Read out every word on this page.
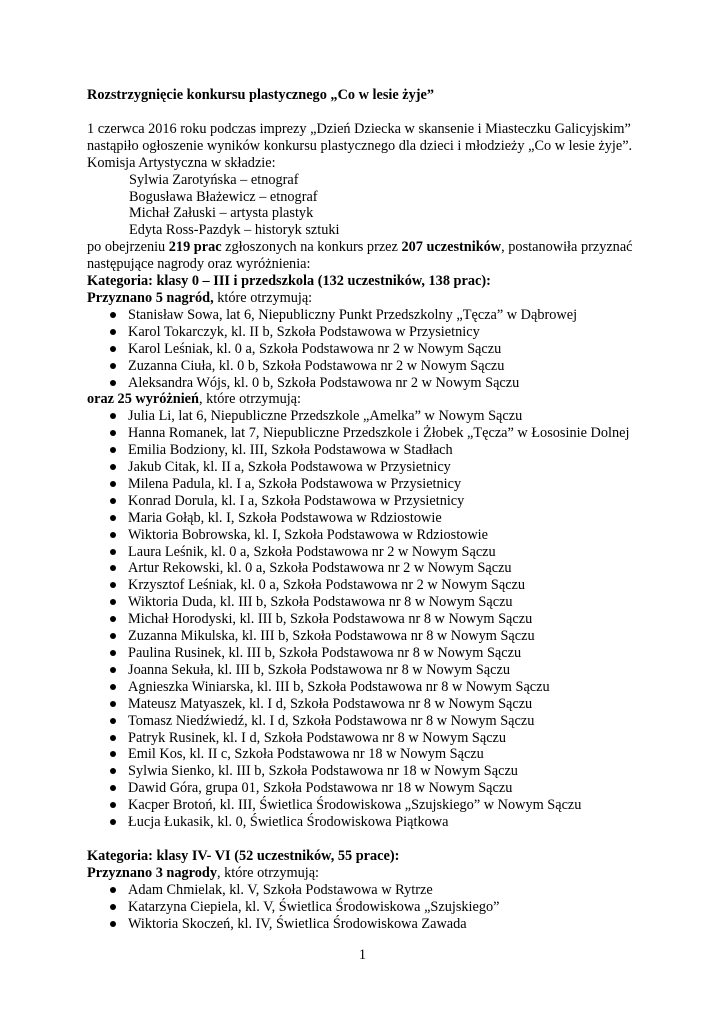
Rozstrzygnięcie konkursu plastycznego „Co w lesie żyje”

1 czerwca 2016 roku podczas imprezy „Dzień Dziecka w skansenie i Miasteczku Galicyjskim”

nastąpiło ogłoszenie wyników konkursu plastycznego dla dzieci i młodzieży „Co w lesie żyje”.

Komisja Artystyczna w składzie:

Sylwia Zarotyńska – etnograf

Bogusława Błażewicz – etnograf

Michał Załuski – artysta plastyk

Edyta Ross-Pazdyk – historyk sztuki

po obejrzeniu 219 prac zgłoszonych na konkurs przez 207 uczestników, postanowiła przyznać

następujące nagrody oraz wyróżnienia:

Kategoria: klasy 0 – III i przedszkola (132 uczestników, 138 prac):

Przyznano 5 nagród, które otrzymują:

Stanisław Sowa, lat 6, Niepubliczny Punkt Przedszkolny „Tęcza” w Dąbrowej
Karol Tokarczyk, kl. II b, Szkoła Podstawowa w Przysietnicy
Karol Leśniak, kl. 0 a, Szkoła Podstawowa nr 2 w Nowym Sączu
Zuzanna Ciuła, kl. 0 b, Szkoła Podstawowa nr 2 w Nowym Sączu
Aleksandra Wójs, kl. 0 b, Szkoła Podstawowa nr 2 w Nowym Sączu

oraz 25 wyróżnień, które otrzymują:

Julia Li, lat 6, Niepubliczne Przedszkole „Amelka” w Nowym Sączu
Hanna Romanek, lat 7, Niepubliczne Przedszkole i Żłobek „Tęcza” w Łososinie Dolnej
Emilia Bodziony, kl. III, Szkoła Podstawowa w Stadłach
Jakub Citak, kl. II a, Szkoła Podstawowa w Przysietnicy
Milena Padula, kl. I a, Szkoła Podstawowa w Przysietnicy
Konrad Dorula, kl. I a, Szkoła Podstawowa w Przysietnicy
Maria Gołąb, kl. I, Szkoła Podstawowa w Rdziostowie
Wiktoria Bobrowska, kl. I, Szkoła Podstawowa w Rdziostowie
Laura Leśnik, kl. 0 a, Szkoła Podstawowa nr 2 w Nowym Sączu
Artur Rekowski, kl. 0 a, Szkoła Podstawowa nr 2 w Nowym Sączu
Krzysztof Leśniak, kl. 0 a, Szkoła Podstawowa nr 2 w Nowym Sączu
Wiktoria Duda, kl. III b, Szkoła Podstawowa nr 8 w Nowym Sączu
Michał Horodyski, kl. III b, Szkoła Podstawowa nr 8 w Nowym Sączu
Zuzanna Mikulska, kl. III b, Szkoła Podstawowa nr 8 w Nowym Sączu
Paulina Rusinek, kl. III b, Szkoła Podstawowa nr 8 w Nowym Sączu
Joanna Sekuła, kl. III b, Szkoła Podstawowa nr 8 w Nowym Sączu
Agnieszka Winiarska, kl. III b, Szkoła Podstawowa nr 8 w Nowym Sączu
Mateusz Matyaszek, kl. I d, Szkoła Podstawowa nr 8 w Nowym Sączu
Tomasz Niedźwiedź, kl. I d, Szkoła Podstawowa nr 8 w Nowym Sączu
Patryk Rusinek, kl. I d, Szkoła Podstawowa nr 8 w Nowym Sączu
Emil Kos, kl. II c, Szkoła Podstawowa nr 18 w Nowym Sączu
Sylwia Sienko, kl. III b, Szkoła Podstawowa nr 18 w Nowym Sączu
Dawid Góra, grupa 01, Szkoła Podstawowa nr 18 w Nowym Sączu
Kacper Brotoń, kl. III, Świetlica Środowiskowa „Szujskiego” w Nowym Sączu
Łucja Łukasik, kl. 0, Świetlica Środowiskowa Piątkowa

Kategoria: klasy IV- VI (52 uczestników, 55 prace):

Przyznano 3 nagrody, które otrzymują:

Adam Chmielak, kl. V, Szkoła Podstawowa w Rytrze
Katarzyna Ciepiela, kl. V, Świetlica Środowiskowa „Szujskiego”
Wiktoria Skoczeń, kl. IV, Świetlica Środowiskowa Zawada
1
